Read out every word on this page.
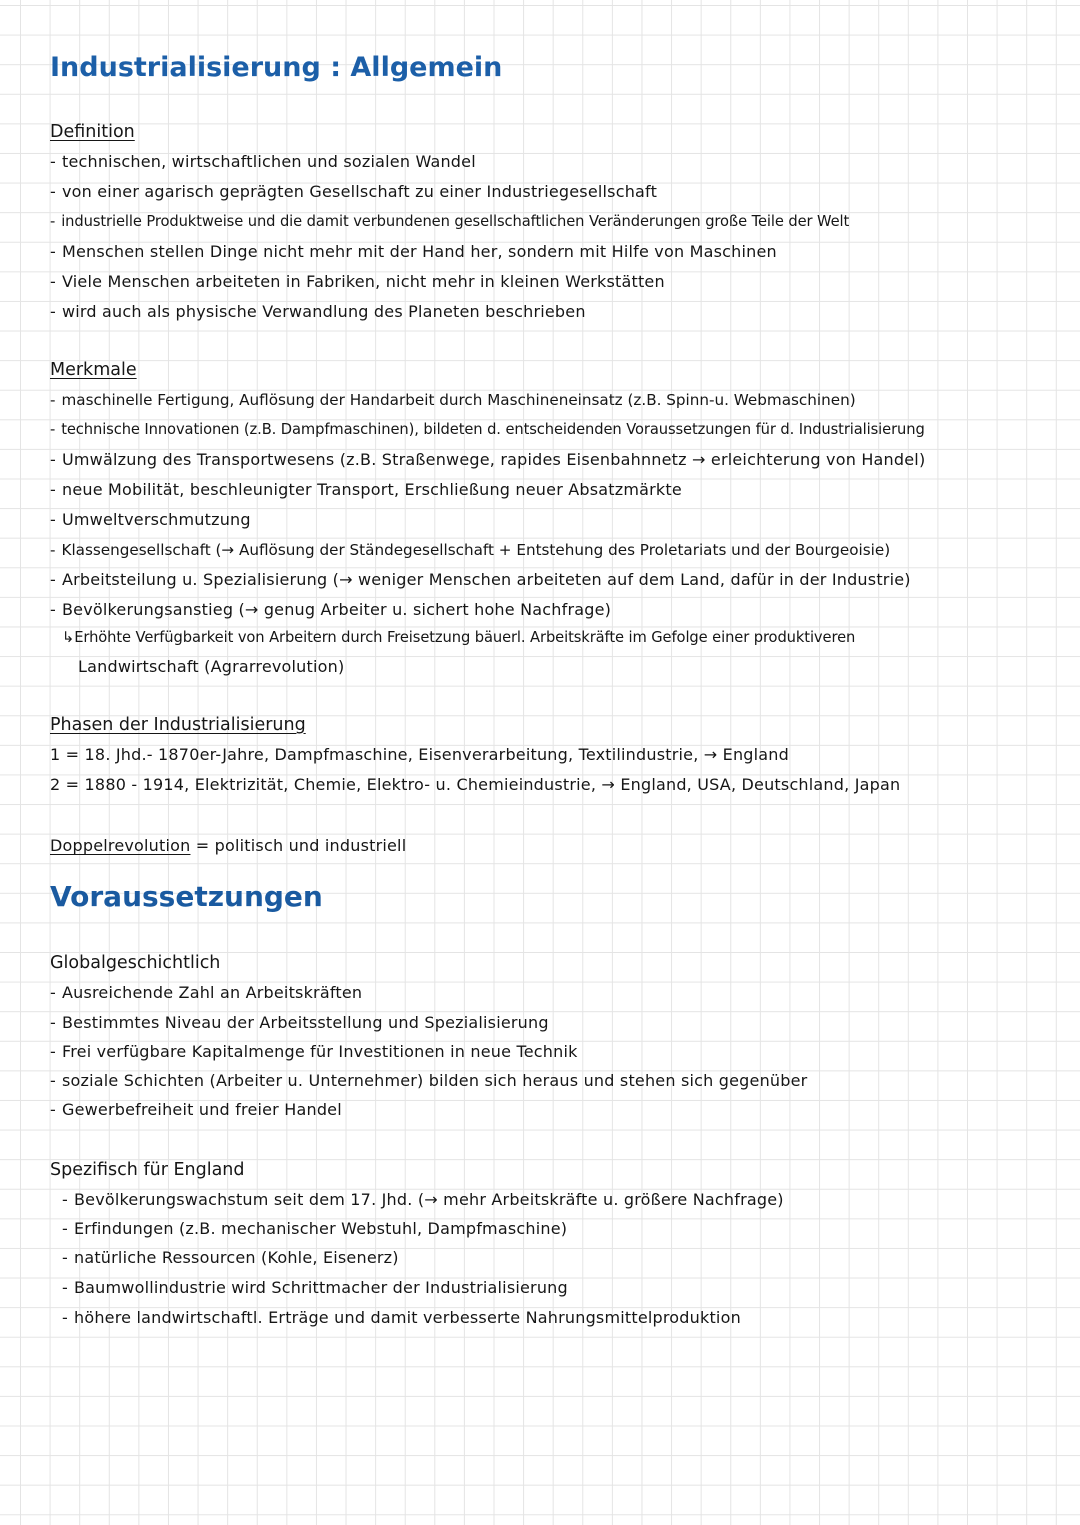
Industrialisierung : Allgemein
Definition
- technischen, wirtschaftlichen und sozialen Wandel
- von einer agarisch geprägten Gesellschaft zu einer Industriegesellschaft
- industrielle Produktweise und die damit verbundenen gesellschaftlichen Veränderungen große Teile der Welt
- Menschen stellen Dinge nicht mehr mit der Hand her, sondern mit Hilfe von Maschinen
- Viele Menschen arbeiteten in Fabriken, nicht mehr in kleinen Werkstätten
- wird auch als physische Verwandlung des Planeten beschrieben
Merkmale
- maschinelle Fertigung, Auflösung der Handarbeit durch Maschineneinsatz (z.B. Spinn-u. Webmaschinen)
- technische Innovationen (z.B. Dampfmaschinen), bildeten d. entscheidenden Voraussetzungen für d. Industrialisierung
- Umwälzung des Transportwesens (z.B. Straßenwege, rapides Eisenbahnnetz → erleichterung von Handel)
- neue Mobilität, beschleunigter Transport, Erschließung neuer Absatzmärkte
- Umweltverschmutzung
- Klassengesellschaft (→ Auflösung der Ständegesellschaft + Entstehung des Proletariats und der Bourgeoisie)
- Arbeitsteilung u. Spezialisierung (→ weniger Menschen arbeiteten auf dem Land, dafür in der Industrie)
- Bevölkerungsanstieg (→ genug Arbeiter u. sichert hohe Nachfrage)
↳Erhöhte Verfügbarkeit von Arbeitern durch Freisetzung bäuerl. Arbeitskräfte im Gefolge einer produktiveren
Landwirtschaft (Agrarrevolution)
Phasen der Industrialisierung
1 = 18. Jhd.- 1870er-Jahre, Dampfmaschine, Eisenverarbeitung, Textilindustrie, → England
2 = 1880 - 1914, Elektrizität, Chemie, Elektro- u. Chemieindustrie, → England, USA, Deutschland, Japan
Doppelrevolution = politisch und industriell
Voraussetzungen
Globalgeschichtlich
- Ausreichende Zahl an Arbeitskräften
- Bestimmtes Niveau der Arbeitsstellung und Spezialisierung
- Frei verfügbare Kapitalmenge für Investitionen in neue Technik
- soziale Schichten (Arbeiter u. Unternehmer) bilden sich heraus und stehen sich gegenüber
- Gewerbefreiheit und freier Handel
Spezifisch für England
- Bevölkerungswachstum seit dem 17. Jhd. (→ mehr Arbeitskräfte u. größere Nachfrage)
- Erfindungen (z.B. mechanischer Webstuhl, Dampfmaschine)
- natürliche Ressourcen (Kohle, Eisenerz)
- Baumwollindustrie wird Schrittmacher der Industrialisierung
- höhere landwirtschaftl. Erträge und damit verbesserte Nahrungsmittelproduktion
